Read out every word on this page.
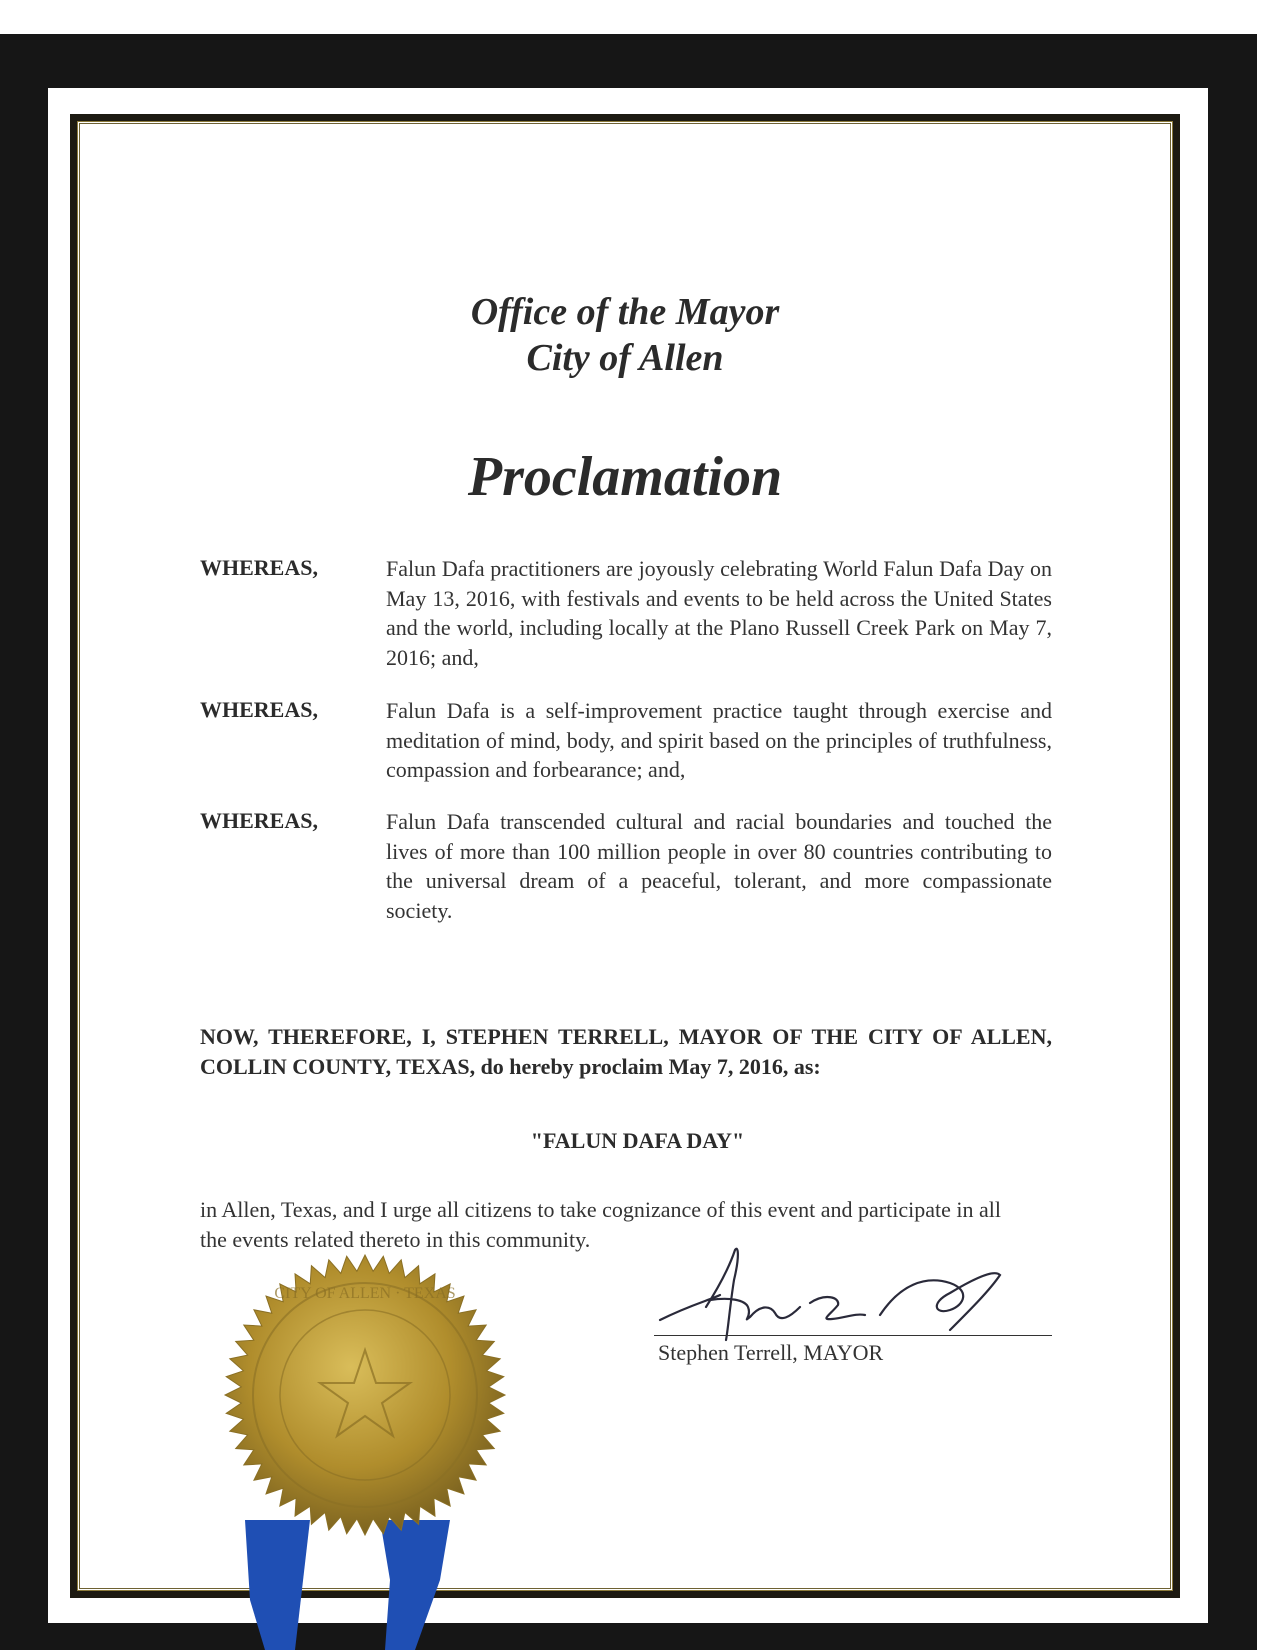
Office of the Mayor
City of Allen
Proclamation
WHEREAS,	Falun Dafa practitioners are joyously celebrating World Falun Dafa Day on May 13, 2016, with festivals and events to be held across the United States and the world, including locally at the Plano Russell Creek Park on May 7, 2016; and,
WHEREAS,	Falun Dafa is a self-improvement practice taught through exercise and meditation of mind, body, and spirit based on the principles of truthfulness, compassion and forbearance; and,
WHEREAS,	Falun Dafa transcended cultural and racial boundaries and touched the lives of more than 100 million people in over 80 countries contributing to the universal dream of a peaceful, tolerant, and more compassionate society.
NOW, THEREFORE, I, STEPHEN TERRELL, MAYOR OF THE CITY OF ALLEN, COLLIN COUNTY, TEXAS, do hereby proclaim May 7, 2016, as:
"FALUN DAFA DAY"
in Allen, Texas, and I urge all citizens to take cognizance of this event and participate in all the events related thereto in this community.
Stephen Terrell, MAYOR
CITY OF ALLEN · TEXAS
